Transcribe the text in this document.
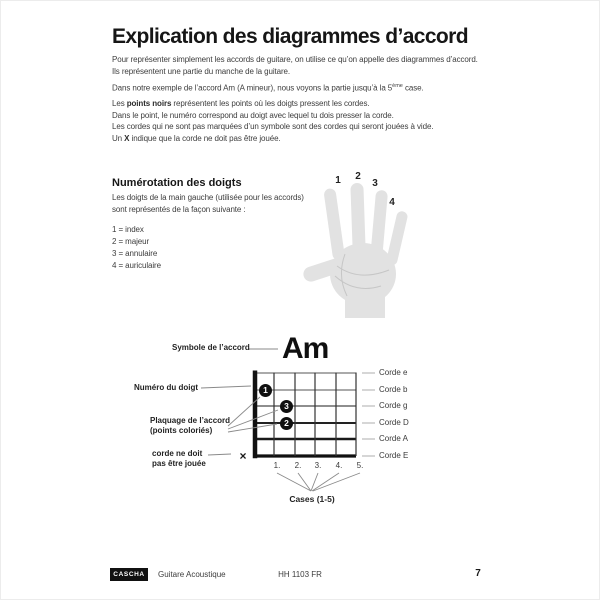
Explication des diagrammes d’accord
Pour représenter simplement les accords de guitare, on utilise ce qu’on appelle des diagrammes d’accord.
Ils représentent une partie du manche de la guitare.
Dans notre exemple de l’accord Am (A mineur), nous voyons la partie jusqu’à la 5ème case.
Les points noirs représentent les points où les doigts pressent les cordes.
Dans le point, le numéro correspond au doigt avec lequel tu dois presser la corde.
Les cordes qui ne sont pas marquées d’un symbole sont des cordes qui seront jouées à vide.
Un X indique que la corde ne doit pas être jouée.
Numérotation des doigts
Les doigts de la main gauche (utilisée pour les accords)
sont représentés de la façon suivante :
1 = index
2 = majeur
3 = annulaire
4 = auriculaire
1 2
3
4
Symbole de l’accord Am
Numéro du doigt
Plaquage de l’accord
(points coloriés)
corde ne doit
pas être jouée
×
1
3
2
Corde e
Corde b
Corde g
Corde D
Corde A
Corde E
1.	2.	3.	4.	5.
Cases (1-5)
CASCHA	Guitare Acoustique	HH 1103 FR	7
